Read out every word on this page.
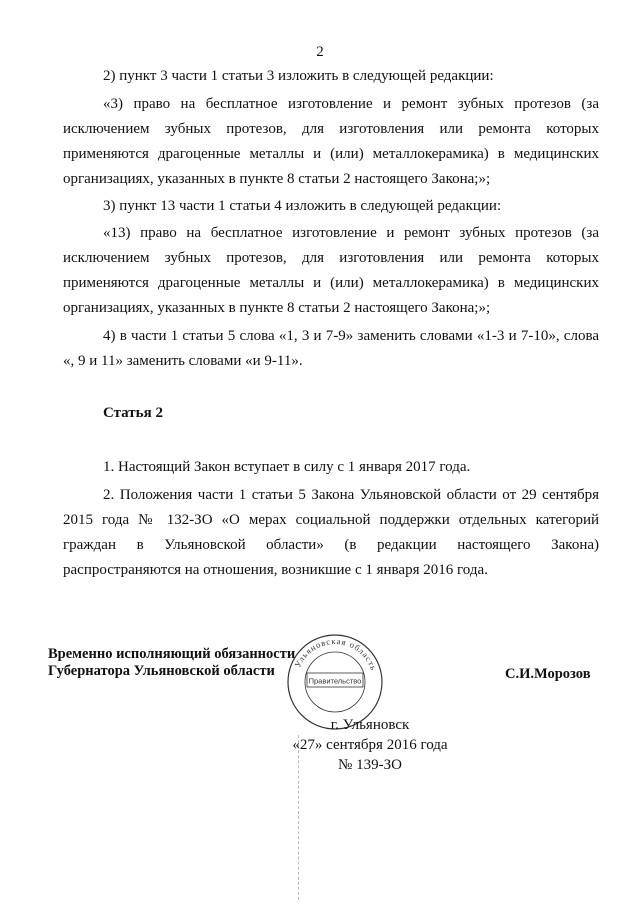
2
2) пункт 3 части 1 статьи 3 изложить в следующей редакции:
«3) право на бесплатное изготовление и ремонт зубных протезов (за исключением зубных протезов, для изготовления или ремонта которых применяются драгоценные металлы и (или) металлокерамика) в медицинских организациях, указанных в пункте 8 статьи 2 настоящего Закона;»;
3) пункт 13 части 1 статьи 4 изложить в следующей редакции:
«13) право на бесплатное изготовление и ремонт зубных протезов (за исключением зубных протезов, для изготовления или ремонта которых применяются драгоценные металлы и (или) металлокерамика) в медицинских организациях, указанных в пункте 8 статьи 2 настоящего Закона;»;
4) в части 1 статьи 5 слова «1, 3 и 7-9» заменить словами «1-3 и 7-10», слова «, 9 и 11» заменить словами «и 9-11».
Статья 2
1. Настоящий Закон вступает в силу с 1 января 2017 года.
2. Положения части 1 статьи 5 Закона Ульяновской области от 29 сентября 2015 года № 132-ЗО «О мерах социальной поддержки отдельных категорий граждан в Ульяновской области» (в редакции настоящего Закона) распространяются на отношения, возникшие с 1 января 2016 года.
Временно исполняющий обязанности
Губернатора Ульяновской области	С.И.Морозов
Ульяновская область
Правительство
г. Ульяновск
«27» сентября 2016 года
№ 139-ЗО
